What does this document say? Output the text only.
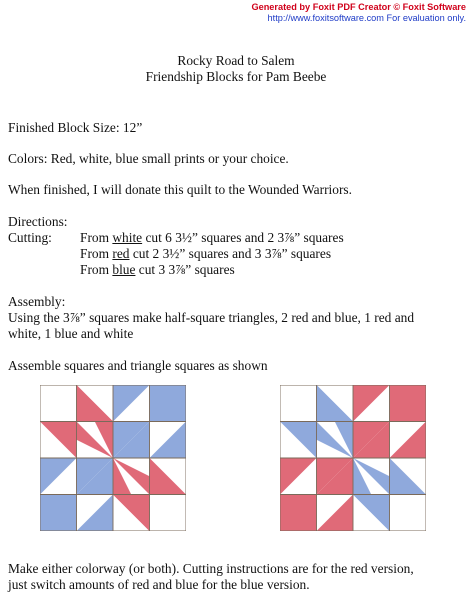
Generated by Foxit PDF Creator © Foxit Software
http://www.foxitsoftware.com For evaluation only.
Rocky Road to Salem
Friendship Blocks for Pam Beebe
Finished Block Size: 12”
Colors: Red, white, blue small prints or your choice.
When finished, I will donate this quilt to the Wounded Warriors.
Directions:
Cutting: From white cut 6 3½” squares and 2 3⅞” squares
From red cut 2 3½” squares and 3 3⅞” squares
From blue cut 3 3⅞” squares
Assembly:
Using the 3⅞” squares make half-square triangles, 2 red and blue, 1 red and
white, 1 blue and white
Assemble squares and triangle squares as shown
Make either colorway (or both). Cutting instructions are for the red version,
just switch amounts of red and blue for the blue version.
